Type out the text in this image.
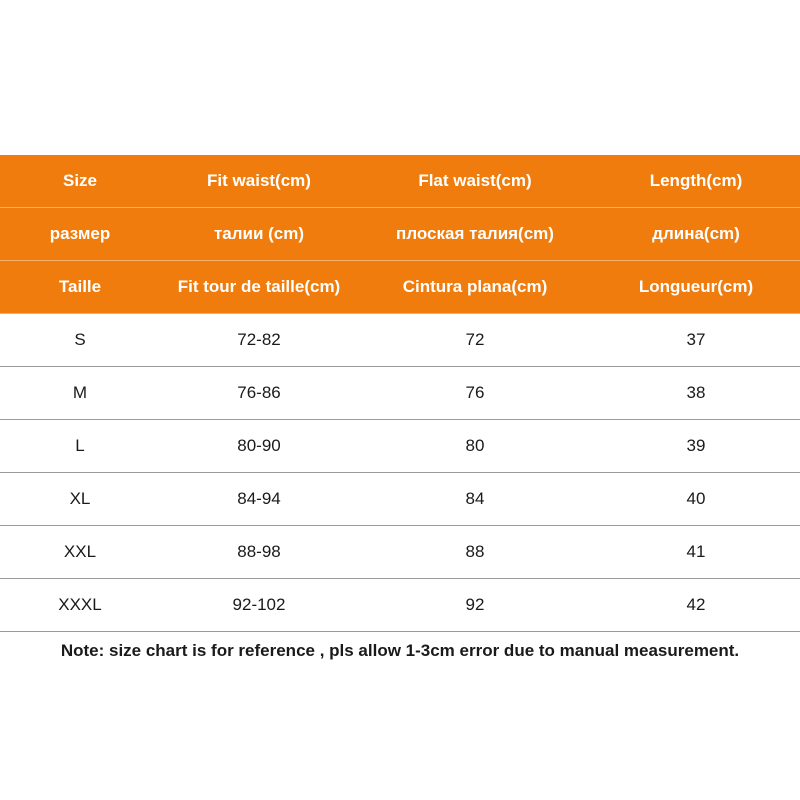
Size	Fit waist(cm)	Flat waist(cm)	Length(cm)
размер	талии (cm)	плоская талия(cm)	длина(cm)
Taille	Fit tour de taille(cm)	Cintura plana(cm)	Longueur(cm)
S	72-82	72	37
M	76-86	76	38
L	80-90	80	39
XL	84-94	84	40
XXL	88-98	88	41
XXXL	92-102	92	42
Note: size chart is for reference , pls allow 1-3cm error due to manual measurement.
